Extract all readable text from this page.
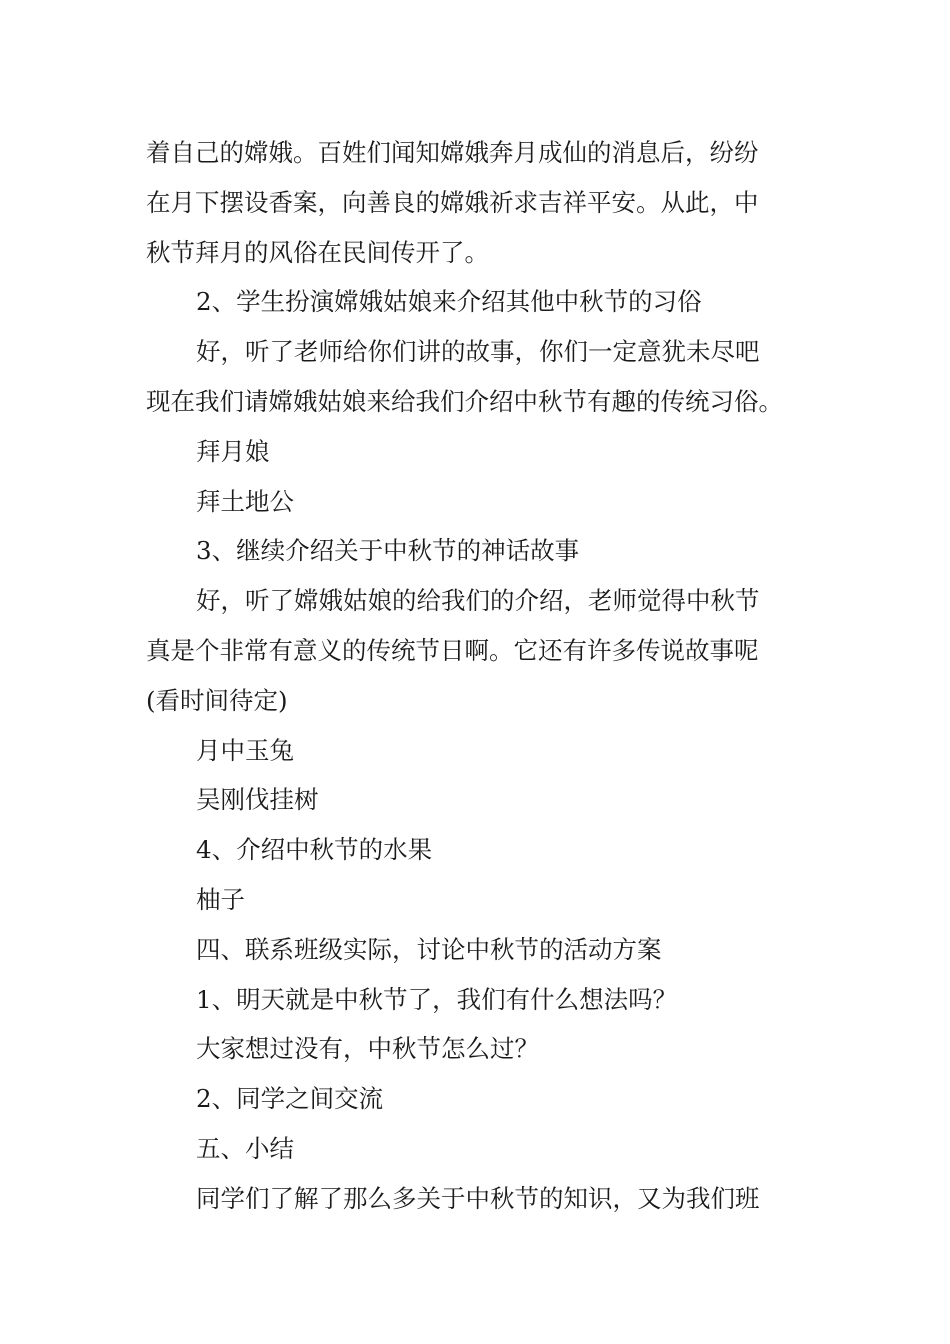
着自己的嫦娥。百姓们闻知嫦娥奔月成仙的消息后，纷纷
在月下摆设香案，向善良的嫦娥祈求吉祥平安。从此，中
秋节拜月的风俗在民间传开了。
2、学生扮演嫦娥姑娘来介绍其他中秋节的习俗
好，听了老师给你们讲的故事，你们一定意犹未尽吧
现在我们请嫦娥姑娘来给我们介绍中秋节有趣的传统习俗。
拜月娘
拜土地公
3、继续介绍关于中秋节的神话故事
好，听了嫦娥姑娘的给我们的介绍，老师觉得中秋节
真是个非常有意义的传统节日啊。它还有许多传说故事呢
(看时间待定)
月中玉兔
吴刚伐挂树
4、介绍中秋节的水果
柚子
四、联系班级实际，讨论中秋节的活动方案
1、明天就是中秋节了，我们有什么想法吗？
大家想过没有，中秋节怎么过？
2、同学之间交流
五、小结
同学们了解了那么多关于中秋节的知识，又为我们班
